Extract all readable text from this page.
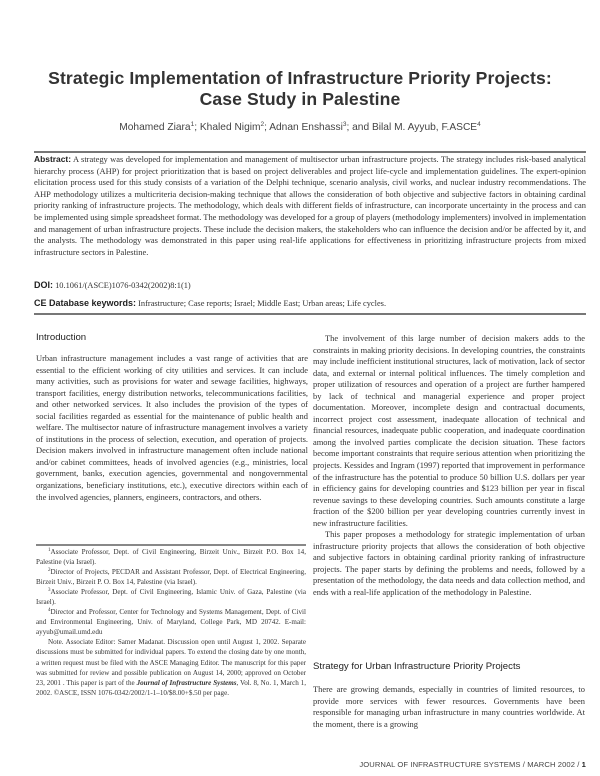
Strategic Implementation of Infrastructure Priority Projects:
Case Study in Palestine
Mohamed Ziara$^1$; Khaled Nigim$^2$; Adnan Enshassi$^3$; and Bilal M. Ayyub, F.ASCE$^4$
Abstract: A strategy was developed for implementation and management of multisector urban infrastructure projects. The strategy includes risk-based analytical hierarchy process (AHP) for project prioritization that is based on project deliverables and project life-cycle and implementation guidelines. The expert-opinion elicitation process used for this study consists of a variation of the Delphi technique, scenario analysis, civil works, and nuclear industry recommendations. The AHP methodology utilizes a multicriteria decision-making technique that allows the consideration of both objective and subjective factors in obtaining cardinal priority ranking of infrastructure projects. The methodology, which deals with different fields of infrastructure, can incorporate uncertainty in the process and can be implemented using simple spreadsheet format. The methodology was developed for a group of players (methodology implementers) involved in implementation and management of urban infrastructure projects. These include the decision makers, the stakeholders who can influence the decision and/or be affected by it, and the analysts. The methodology was demonstrated in this paper using real-life applications for effectiveness in prioritizing infrastructure projects from mixed infrastructure sectors in Palestine.
DOI: 10.1061/(ASCE)1076-0342(2002)8:1(1)
CE Database keywords: Infrastructure; Case reports; Israel; Middle East; Urban areas; Life cycles.
Introduction

Urban infrastructure management includes a vast range of activities that are essential to the efficient working of city utilities and services. It can include many activities, such as provisions for water and sewage facilities, highways, transport facilities, energy distribution networks, telecommunications facilities, and other networked services. It also includes the provision of the types of social facilities regarded as essential for the maintenance of public health and welfare. The multisector nature of infrastructure management involves a variety of institutions in the process of selection, execution, and operation of projects. Decision makers involved in infrastructure management often include national and/or cabinet committees, heads of involved agencies (e.g., ministries, local government, banks, execution agencies, governmental and nongovernmental organizations, beneficiary institutions, etc.), executive directors within each of the involved agencies, planners, engineers, contractors, and others.

$^1$Associate Professor, Dept. of Civil Engineering, Birzeit Univ., Birzeit P.O. Box 14, Palestine (via Israel).

$^2$Director of Projects, PECDAR and Assistant Professor, Dept. of Electrical Engineering, Birzeit Univ., Birzeit P. O. Box 14, Palestine (via Israel).

$^3$Associate Professor, Dept. of Civil Engineering, Islamic Univ. of Gaza, Palestine (via Israel).

$^4$Director and Professor, Center for Technology and Systems Management, Dept. of Civil and Environmental Engineering, Univ. of Maryland, College Park, MD 20742. E-mail: ayyub@umail.umd.edu

Note. Associate Editor: Samer Madanat. Discussion open until August 1, 2002. Separate discussions must be submitted for individual papers. To extend the closing date by one month, a written request must be filed with the ASCE Managing Editor. The manuscript for this paper was submitted for review and possible publication on August 14, 2000; approved on October 23, 2001 . This paper is part of the Journal of Infrastructure Systems, Vol. 8, No. 1, March 1, 2002. ©ASCE, ISSN 1076-0342/2002/1-1–10/$8.00+$.50 per page.

The involvement of this large number of decision makers adds to the constraints in making priority decisions. In developing countries, the constraints may include inefficient institutional structures, lack of motivation, lack of sector data, and external or internal political influences. The timely completion and proper utilization of resources and operation of a project are further hampered by lack of technical and managerial experience and proper project documentation. Moreover, incomplete design and contractual documents, incorrect project cost assessment, inadequate allocation of technical and financial resources, inadequate public cooperation, and inadequate coordination among the involved parties complicate the decision situation. These factors become important constraints that require serious attention when prioritizing the projects. Kessides and Ingram (1997) reported that improvement in performance of the infrastructure has the potential to produce 50 billion U.S. dollars per year in efficiency gains for developing countries and $123 billion per year in fiscal revenue savings to these developing countries. Such amounts constitute a large fraction of the $200 billion per year developing countries currently invest in new infrastructure facilities.

This paper proposes a methodology for strategic implementation of urban infrastructure priority projects that allows the consideration of both objective and subjective factors in obtaining cardinal priority ranking of infrastructure projects. The paper starts by defining the problems and needs, followed by a presentation of the methodology, the data needs and data collection method, and ends with a real-life application of the methodology in Palestine.

Strategy for Urban Infrastructure Priority Projects

There are growing demands, especially in countries of limited resources, to provide more services with fewer resources. Governments have been responsible for managing urban infrastructure in many countries worldwide. At the moment, there is a growing

JOURNAL OF INFRASTRUCTURE SYSTEMS / MARCH 2002 / 1
